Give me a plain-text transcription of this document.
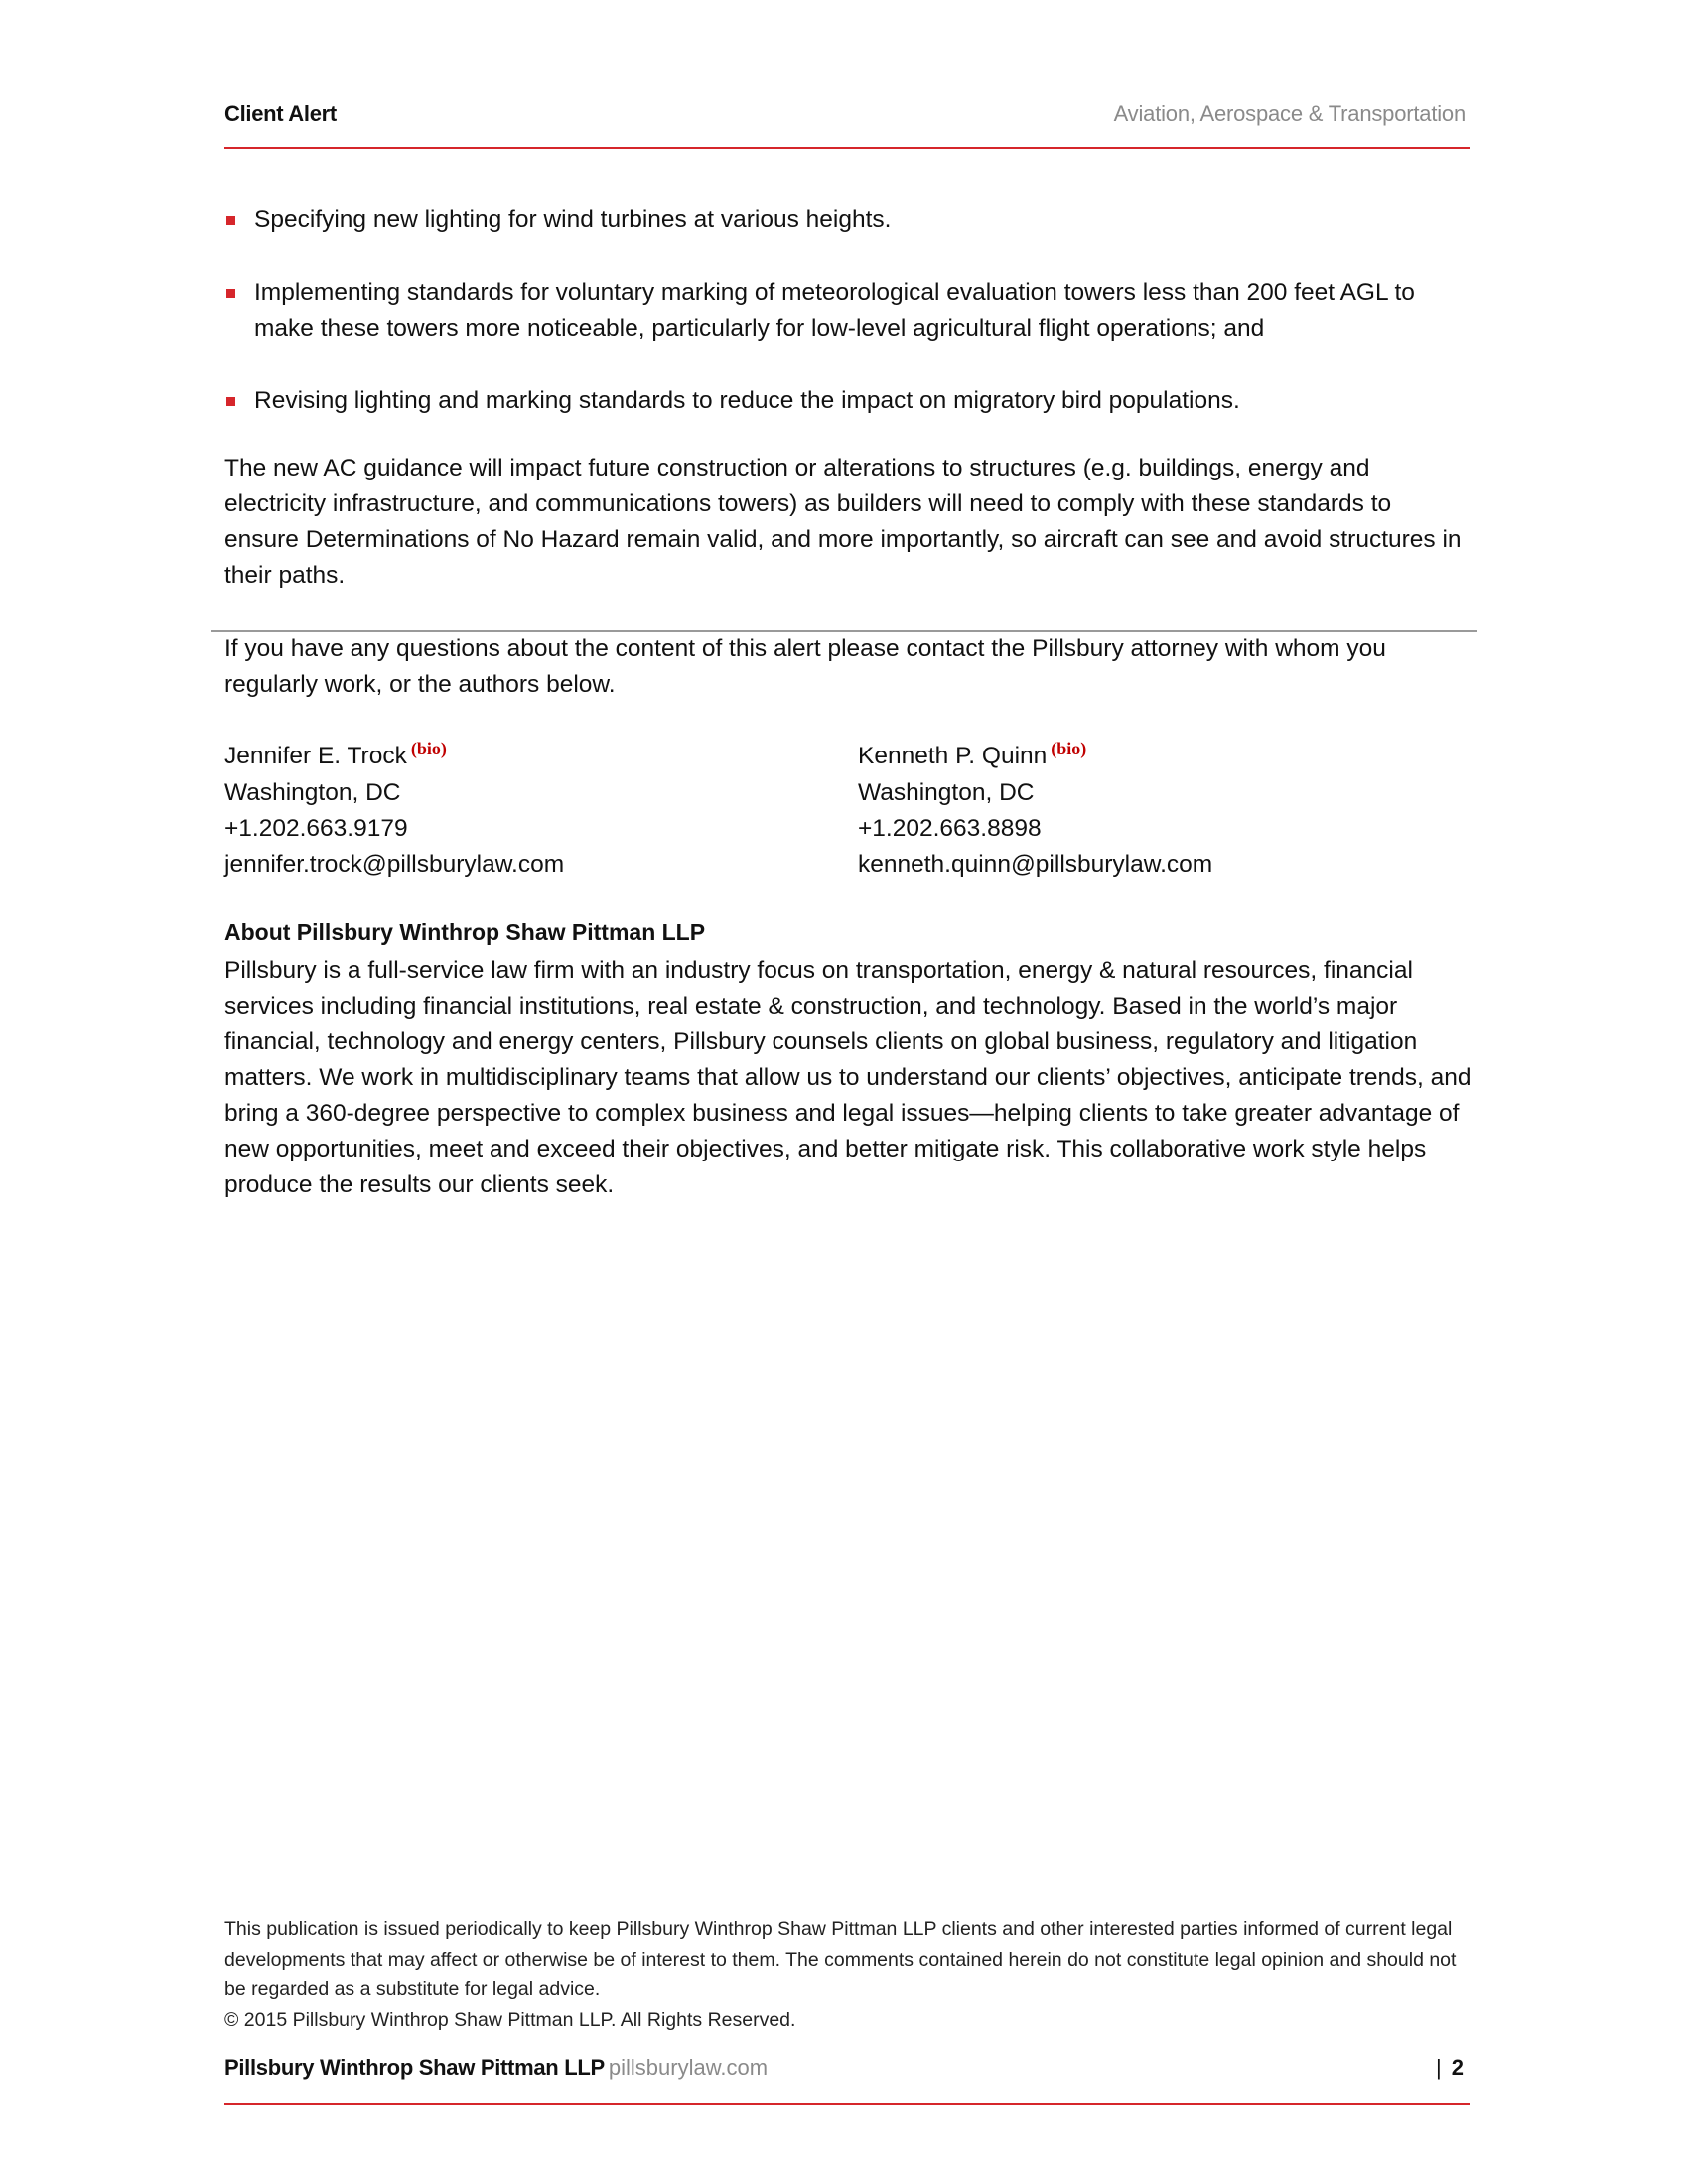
Client Alert	Aviation, Aerospace & Transportation
Specifying new lighting for wind turbines at various heights.
Implementing standards for voluntary marking of meteorological evaluation towers less than 200 feet AGL to make these towers more noticeable, particularly for low-level agricultural flight operations; and
Revising lighting and marking standards to reduce the impact on migratory bird populations.

The new AC guidance will impact future construction or alterations to structures (e.g. buildings, energy and electricity infrastructure, and communications towers) as builders will need to comply with these standards to ensure Determinations of No Hazard remain valid, and more importantly, so aircraft can see and avoid structures in their paths.

If you have any questions about the content of this alert please contact the Pillsbury attorney with whom you regularly work, or the authors below.

Jennifer E. Trock $^{(bio)}$
Washington, DC
+1.202.663.9179
jennifer.trock@pillsburylaw.com
Kenneth P. Quinn $^{(bio)}$
Washington, DC
+1.202.663.8898
kenneth.quinn@pillsburylaw.com
About Pillsbury Winthrop Shaw Pittman LLP

Pillsbury is a full-service law firm with an industry focus on transportation, energy & natural resources, financial services including financial institutions, real estate & construction, and technology. Based in the world’s major financial, technology and energy centers, Pillsbury counsels clients on global business, regulatory and litigation matters. We work in multidisciplinary teams that allow us to understand our clients’ objectives, anticipate trends, and bring a 360-degree perspective to complex business and legal issues—helping clients to take greater advantage of new opportunities, meet and exceed their objectives, and better mitigate risk. This collaborative work style helps produce the results our clients seek.

This publication is issued periodically to keep Pillsbury Winthrop Shaw Pittman LLP clients and other interested parties informed of current legal developments that may affect or otherwise be of interest to them. The comments contained herein do not constitute legal opinion and should not be regarded as a substitute for legal advice.
© 2015 Pillsbury Winthrop Shaw Pittman LLP. All Rights Reserved.
Pillsbury Winthrop Shaw Pittman LLP pillsburylaw.com	| 2
